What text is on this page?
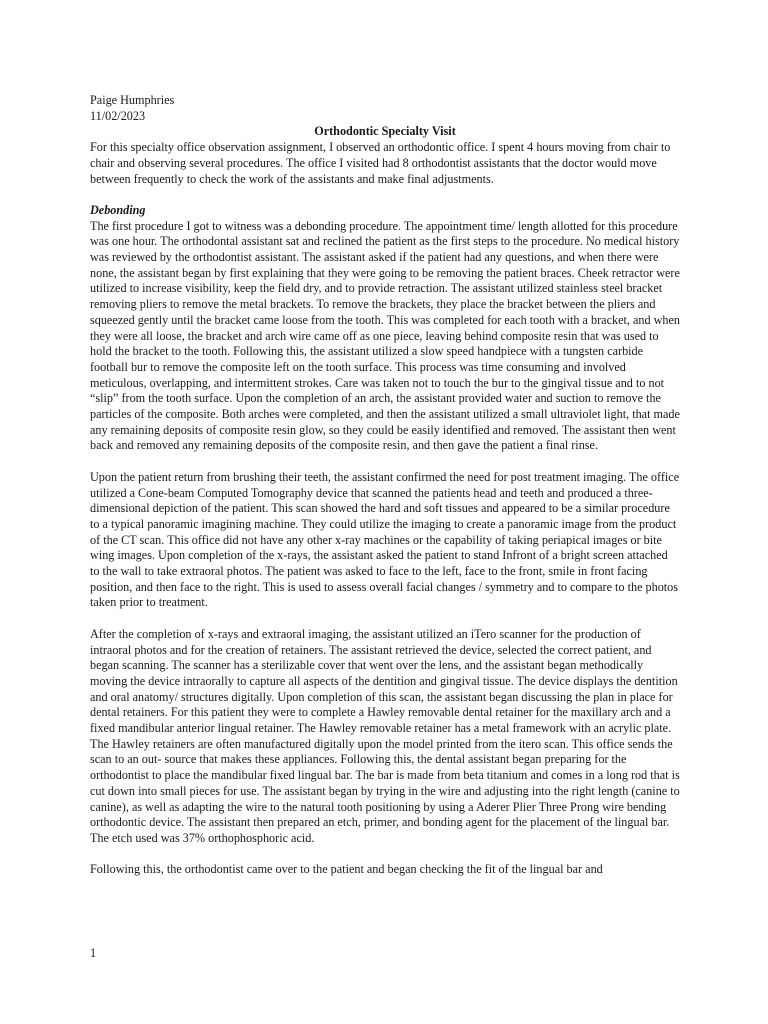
Paige Humphries

11/02/2023

Orthodontic Specialty Visit

For this specialty office observation assignment, I observed an orthodontic office. I spent 4 hours moving from chair to chair and observing several procedures. The office I visited had 8 orthodontist assistants that the doctor would move between frequently to check the work of the assistants and make final adjustments.

Debonding

The first procedure I got to witness was a debonding procedure. The appointment time/ length allotted for this procedure was one hour. The orthodontal assistant sat and reclined the patient as the first steps to the procedure. No medical history was reviewed by the orthodontist assistant. The assistant asked if the patient had any questions, and when there were none, the assistant began by first explaining that they were going to be removing the patient braces. Cheek retractor were utilized to increase visibility, keep the field dry, and to provide retraction. The assistant utilized stainless steel bracket removing pliers to remove the metal brackets. To remove the brackets, they place the bracket between the pliers and squeezed gently until the bracket came loose from the tooth. This was completed for each tooth with a bracket, and when they were all loose, the bracket and arch wire came off as one piece, leaving behind composite resin that was used to hold the bracket to the tooth. Following this, the assistant utilized a slow speed handpiece with a tungsten carbide football bur to remove the composite left on the tooth surface. This process was time consuming and involved meticulous, overlapping, and intermittent strokes. Care was taken not to touch the bur to the gingival tissue and to not “slip” from the tooth surface. Upon the completion of an arch, the assistant provided water and suction to remove the particles of the composite. Both arches were completed, and then the assistant utilized a small ultraviolet light, that made any remaining deposits of composite resin glow, so they could be easily identified and removed. The assistant then went back and removed any remaining deposits of the composite resin, and then gave the patient a final rinse.

Upon the patient return from brushing their teeth, the assistant confirmed the need for post treatment imaging. The office utilized a Cone-beam Computed Tomography device that scanned the patients head and teeth and produced a three-dimensional depiction of the patient. This scan showed the hard and soft tissues and appeared to be a similar procedure to a typical panoramic imagining machine. They could utilize the imaging to create a panoramic image from the product of the CT scan. This office did not have any other x-ray machines or the capability of taking periapical images or bite wing images. Upon completion of the x-rays, the assistant asked the patient to stand Infront of a bright screen attached to the wall to take extraoral photos. The patient was asked to face to the left, face to the front, smile in front facing position, and then face to the right. This is used to assess overall facial changes / symmetry and to compare to the photos taken prior to treatment.

After the completion of x-rays and extraoral imaging, the assistant utilized an iTero scanner for the production of intraoral photos and for the creation of retainers. The assistant retrieved the device, selected the correct patient, and began scanning. The scanner has a sterilizable cover that went over the lens, and the assistant began methodically moving the device intraorally to capture all aspects of the dentition and gingival tissue. The device displays the dentition and oral anatomy/ structures digitally. Upon completion of this scan, the assistant began discussing the plan in place for dental retainers. For this patient they were to complete a Hawley removable dental retainer for the maxillary arch and a fixed mandibular anterior lingual retainer. The Hawley removable retainer has a metal framework with an acrylic plate. The Hawley retainers are often manufactured digitally upon the model printed from the itero scan. This office sends the scan to an out- source that makes these appliances. Following this, the dental assistant began preparing for the orthodontist to place the mandibular fixed lingual bar. The bar is made from beta titanium and comes in a long rod that is cut down into small pieces for use. The assistant began by trying in the wire and adjusting into the right length (canine to canine), as well as adapting the wire to the natural tooth positioning by using a Aderer Plier Three Prong wire bending orthodontic device. The assistant then prepared an etch, primer, and bonding agent for the placement of the lingual bar. The etch used was 37% orthophosphoric acid.

Following this, the orthodontist came over to the patient and began checking the fit of the lingual bar and

1
